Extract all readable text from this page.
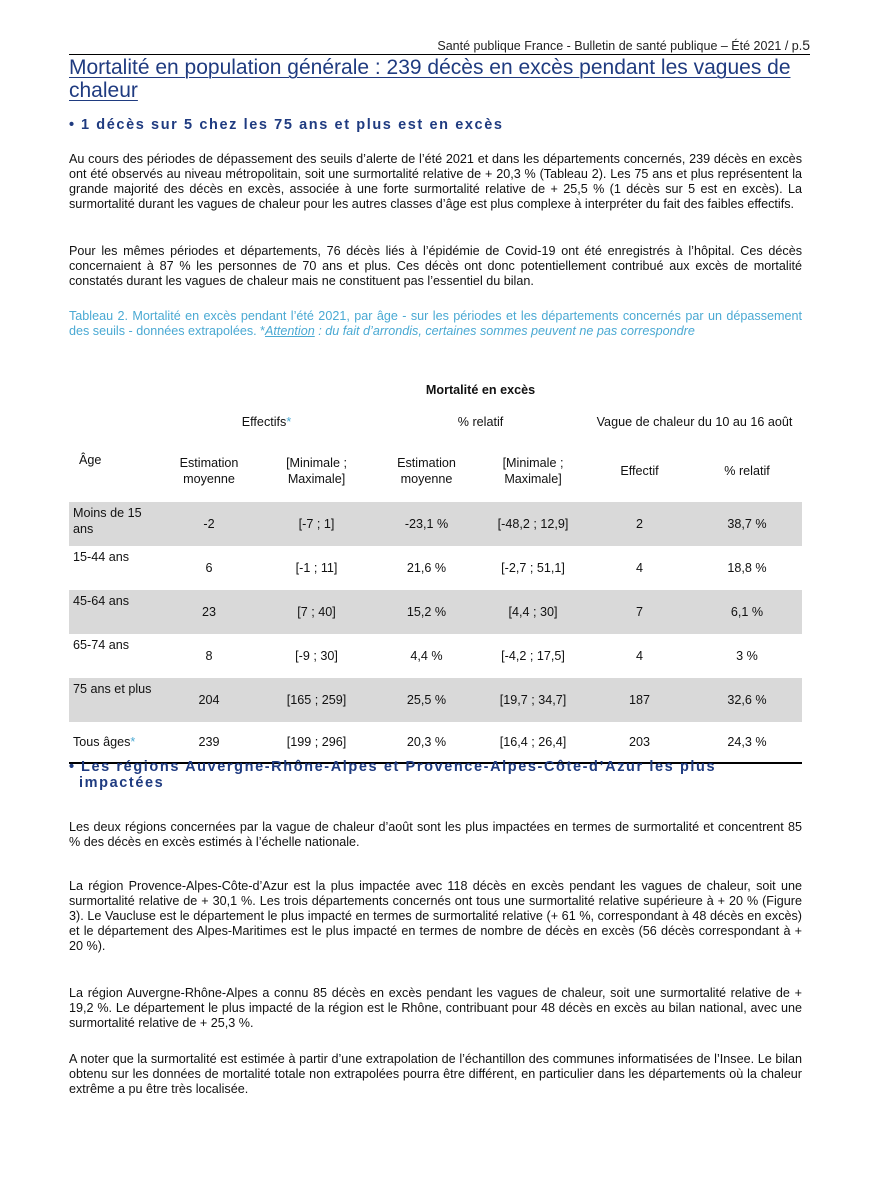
Santé publique France - Bulletin de santé publique – Été 2021 / p.5
Mortalité en population générale : 239 décès en excès pendant les vagues de chaleur
• 1 décès sur 5 chez les 75 ans et plus est en excès

Au cours des périodes de dépassement des seuils d’alerte de l’été 2021 et dans les départements concernés, 239 décès en excès ont été observés au niveau métropolitain, soit une surmortalité relative de + 20,3 % (Tableau 2). Les 75 ans et plus représentent la grande majorité des décès en excès, associée à une forte surmortalité relative de + 25,5 % (1 décès sur 5 est en excès). La surmortalité durant les vagues de chaleur pour les autres classes d’âge est plus complexe à interpréter du fait des faibles effectifs.

Pour les mêmes périodes et départements, 76 décès liés à l’épidémie de Covid-19 ont été enregistrés à l’hôpital. Ces décès concernaient à 87 % les personnes de 70 ans et plus. Ces décès ont donc potentiellement contribué aux excès de mortalité constatés durant les vagues de chaleur mais ne constituent pas l’essentiel du bilan.

Tableau 2. Mortalité en excès pendant l’été 2021, par âge - sur les périodes et les départements concernés par un dépassement des seuils - données extrapolées. *Attention : du fait d’arrondis, certaines sommes peuvent ne pas correspondre

Mortalité en excès
	Effectifs*		% relatif		Vague de chaleur du 10 au 16 août	
Âge	Estimation moyenne	[Minimale ; Maximale]	Estimation moyenne	[Minimale ; Maximale]	Effectif	% relatif
Moins de 15 ans	-2	[-7 ; 1]	-23,1 %	[-48,2 ; 12,9]	2	38,7 %
15-44 ans	6	[-1 ; 11]	21,6 %	[-2,7 ; 51,1]	4	18,8 %
45-64 ans	23	[7 ; 40]	15,2 %	[4,4 ; 30]	7	6,1 %
65-74 ans	8	[-9 ; 30]	4,4 %	[-4,2 ; 17,5]	4	3 %
75 ans et plus	204	[165 ; 259]	25,5 %	[19,7 ; 34,7]	187	32,6 %
Tous âges*	239	[199 ; 296]	20,3 %	[16,4 ; 26,4]	203	24,3 %
• Les régions Auvergne-Rhône-Alpes et Provence-Alpes-Côte-d’Azur les plus
impactées

Les deux régions concernées par la vague de chaleur d’août sont les plus impactées en termes de surmortalité et concentrent 85 % des décès en excès estimés à l’échelle nationale.

La région Provence-Alpes-Côte-d’Azur est la plus impactée avec 118 décès en excès pendant les vagues de chaleur, soit une surmortalité relative de + 30,1 %. Les trois départements concernés ont tous une surmortalité relative supérieure à + 20 % (Figure 3). Le Vaucluse est le département le plus impacté en termes de surmortalité relative (+ 61 %, correspondant à 48 décès en excès) et le département des Alpes-Maritimes est le plus impacté en termes de nombre de décès en excès (56 décès correspondant à + 20 %).

La région Auvergne-Rhône-Alpes a connu 85 décès en excès pendant les vagues de chaleur, soit une surmortalité relative de + 19,2 %. Le département le plus impacté de la région est le Rhône, contribuant pour 48 décès en excès au bilan national, avec une surmortalité relative de + 25,3 %.

A noter que la surmortalité est estimée à partir d’une extrapolation de l’échantillon des communes informatisées de l’Insee. Le bilan obtenu sur les données de mortalité totale non extrapolées pourra être différent, en particulier dans les départements où la chaleur extrême a pu être très localisée.
